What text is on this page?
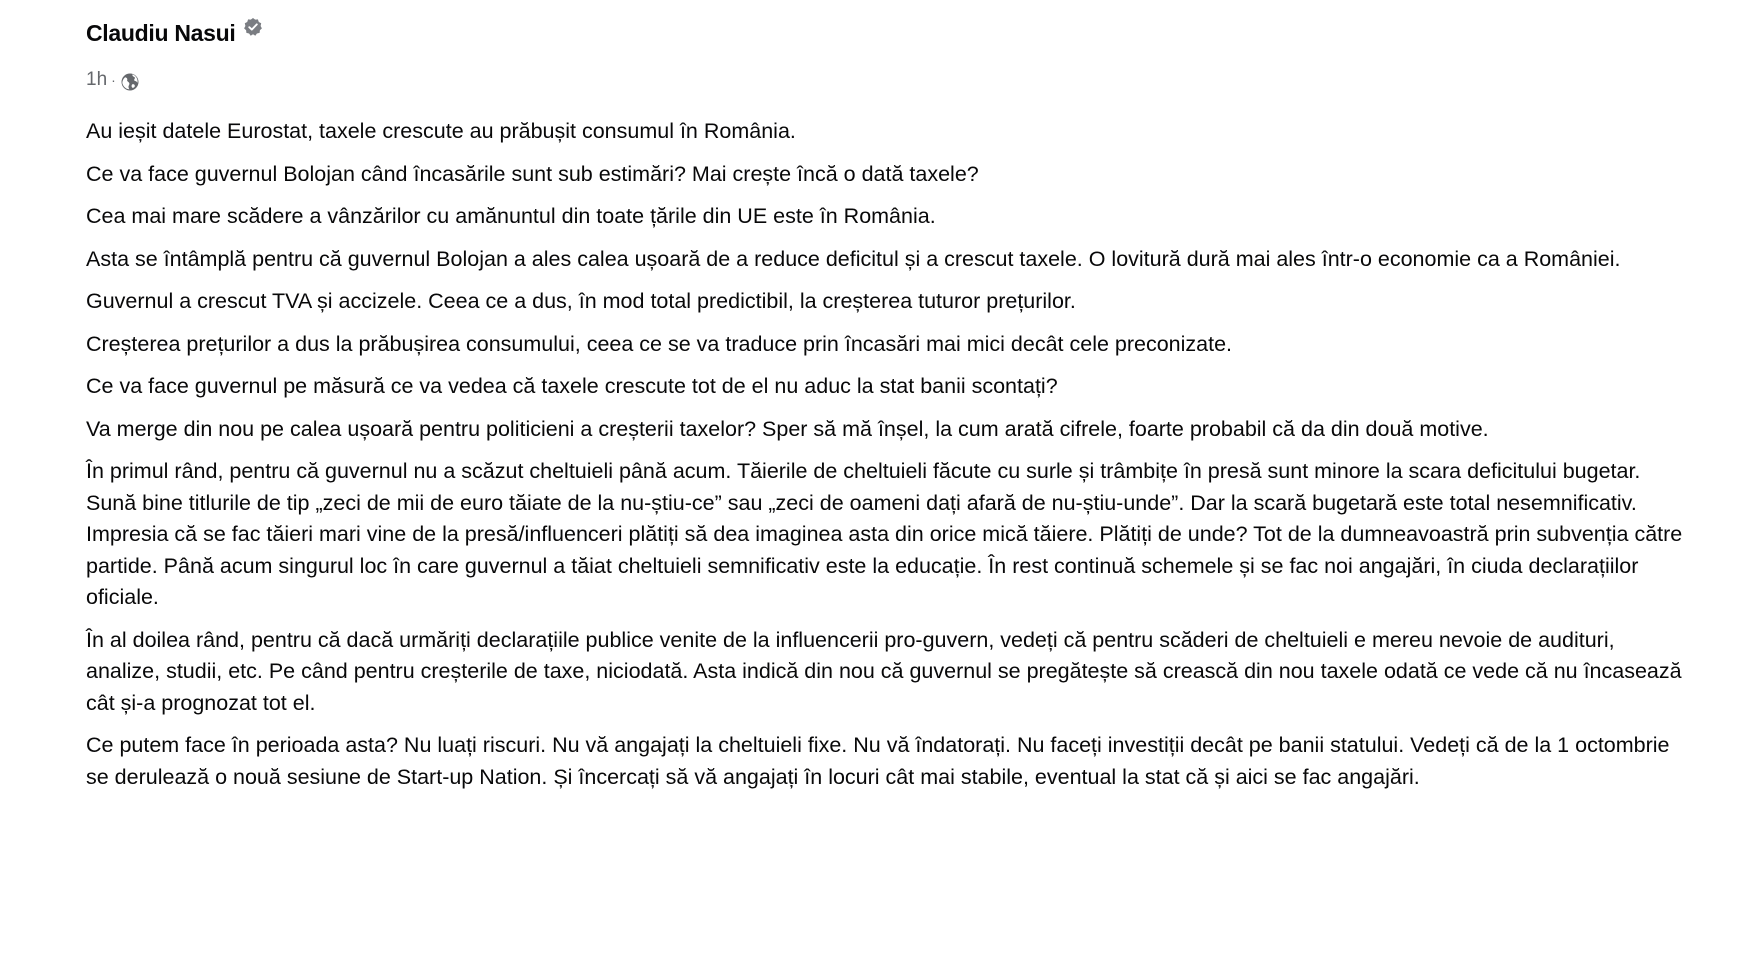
Claudiu Nasui
1h ·

Au ieșit datele Eurostat, taxele crescute au prăbușit consumul în România.

Ce va face guvernul Bolojan când încasările sunt sub estimări? Mai crește încă o dată taxele?

Cea mai mare scădere a vânzărilor cu amănuntul din toate țările din UE este în România.

Asta se întâmplă pentru că guvernul Bolojan a ales calea ușoară de a reduce deficitul și a crescut taxele. O lovitură dură mai ales într-o economie ca a României.

Guvernul a crescut TVA și accizele. Ceea ce a dus, în mod total predictibil, la creșterea tuturor prețurilor.

Creșterea prețurilor a dus la prăbușirea consumului, ceea ce se va traduce prin încasări mai mici decât cele preconizate.

Ce va face guvernul pe măsură ce va vedea că taxele crescute tot de el nu aduc la stat banii scontați?

Va merge din nou pe calea ușoară pentru politicieni a creșterii taxelor? Sper să mă înșel, la cum arată cifrele, foarte probabil că da din două motive.

În primul rând, pentru că guvernul nu a scăzut cheltuieli până acum. Tăierile de cheltuieli făcute cu surle și trâmbițe în presă sunt minore la scara deficitului bugetar. Sună bine titlurile de tip „zeci de mii de euro tăiate de la nu-știu-ce” sau „zeci de oameni dați afară de nu-știu-unde”. Dar la scară bugetară este total nesemnificativ. Impresia că se fac tăieri mari vine de la presă/influenceri plătiți să dea imaginea asta din orice mică tăiere. Plătiți de unde? Tot de la dumneavoastră prin subvenția către partide. Până acum singurul loc în care guvernul a tăiat cheltuieli semnificativ este la educație. În rest continuă schemele și se fac noi angajări, în ciuda declarațiilor oficiale.

În al doilea rând, pentru că dacă urmăriți declarațiile publice venite de la influencerii pro-guvern, vedeți că pentru scăderi de cheltuieli e mereu nevoie de audituri, analize, studii, etc. Pe când pentru creșterile de taxe, niciodată. Asta indică din nou că guvernul se pregătește să crească din nou taxele odată ce vede că nu încasează cât și-a prognozat tot el.

Ce putem face în perioada asta? Nu luați riscuri. Nu vă angajați la cheltuieli fixe. Nu vă îndatorați. Nu faceți investiții decât pe banii statului. Vedeți că de la 1 octombrie se derulează o nouă sesiune de Start-up Nation. Și încercați să vă angajați în locuri cât mai stabile, eventual la stat că și aici se fac angajări.
